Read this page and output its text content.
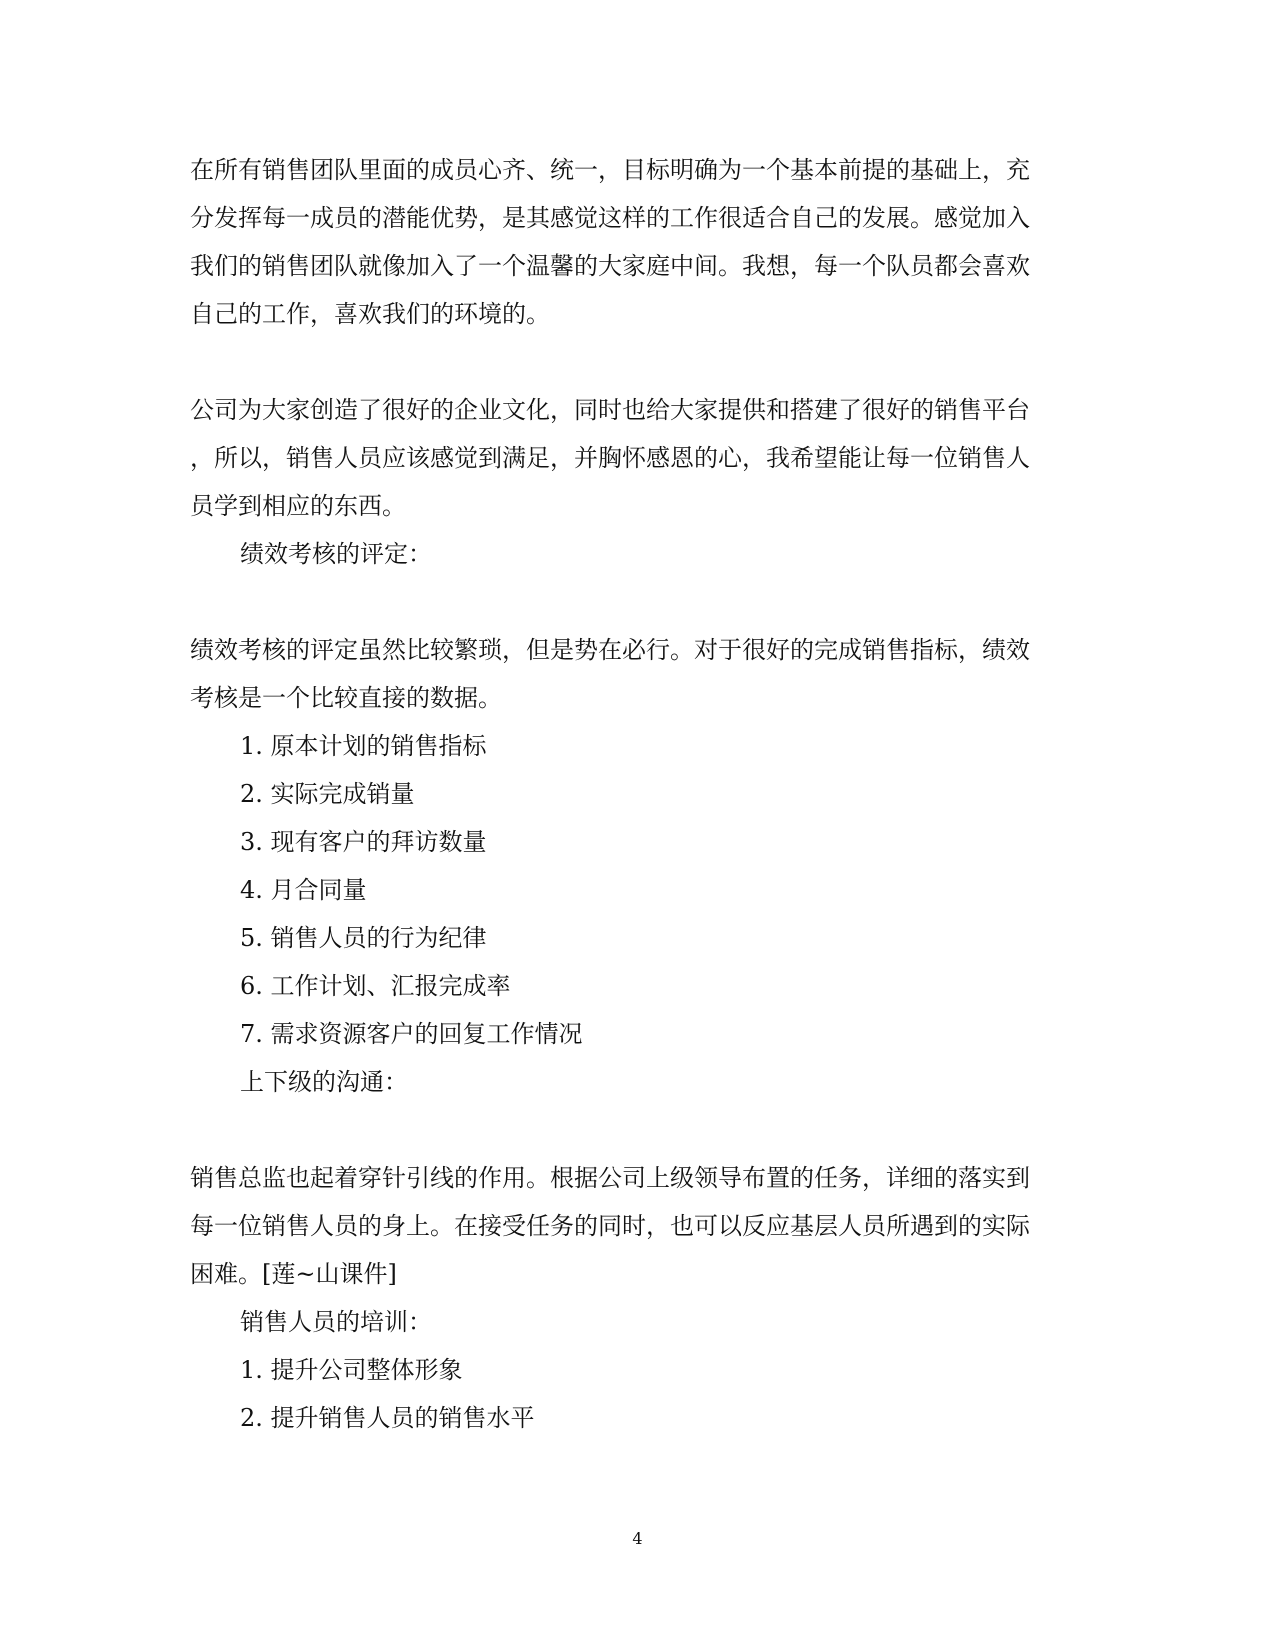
在所有销售团队里面的成员心齐、统一，目标明确为一个基本前提的基础上，充
分发挥每一成员的潜能优势，是其感觉这样的工作很适合自己的发展。感觉加入
我们的销售团队就像加入了一个温馨的大家庭中间。我想，每一个队员都会喜欢
自己的工作，喜欢我们的环境的。
公司为大家创造了很好的企业文化，同时也给大家提供和搭建了很好的销售平台
，所以，销售人员应该感觉到满足，并胸怀感恩的心，我希望能让每一位销售人
员学到相应的东西。
绩效考核的评定：
绩效考核的评定虽然比较繁琐，但是势在必行。对于很好的完成销售指标，绩效
考核是一个比较直接的数据。
1. 原本计划的销售指标
2. 实际完成销量
3. 现有客户的拜访数量
4. 月合同量
5. 销售人员的行为纪律
6. 工作计划、汇报完成率
7. 需求资源客户的回复工作情况
上下级的沟通：
销售总监也起着穿针引线的作用。根据公司上级领导布置的任务，详细的落实到
每一位销售人员的身上。在接受任务的同时，也可以反应基层人员所遇到的实际
困难。[莲~山课件]
销售人员的培训：
1. 提升公司整体形象
2. 提升销售人员的销售水平
4
